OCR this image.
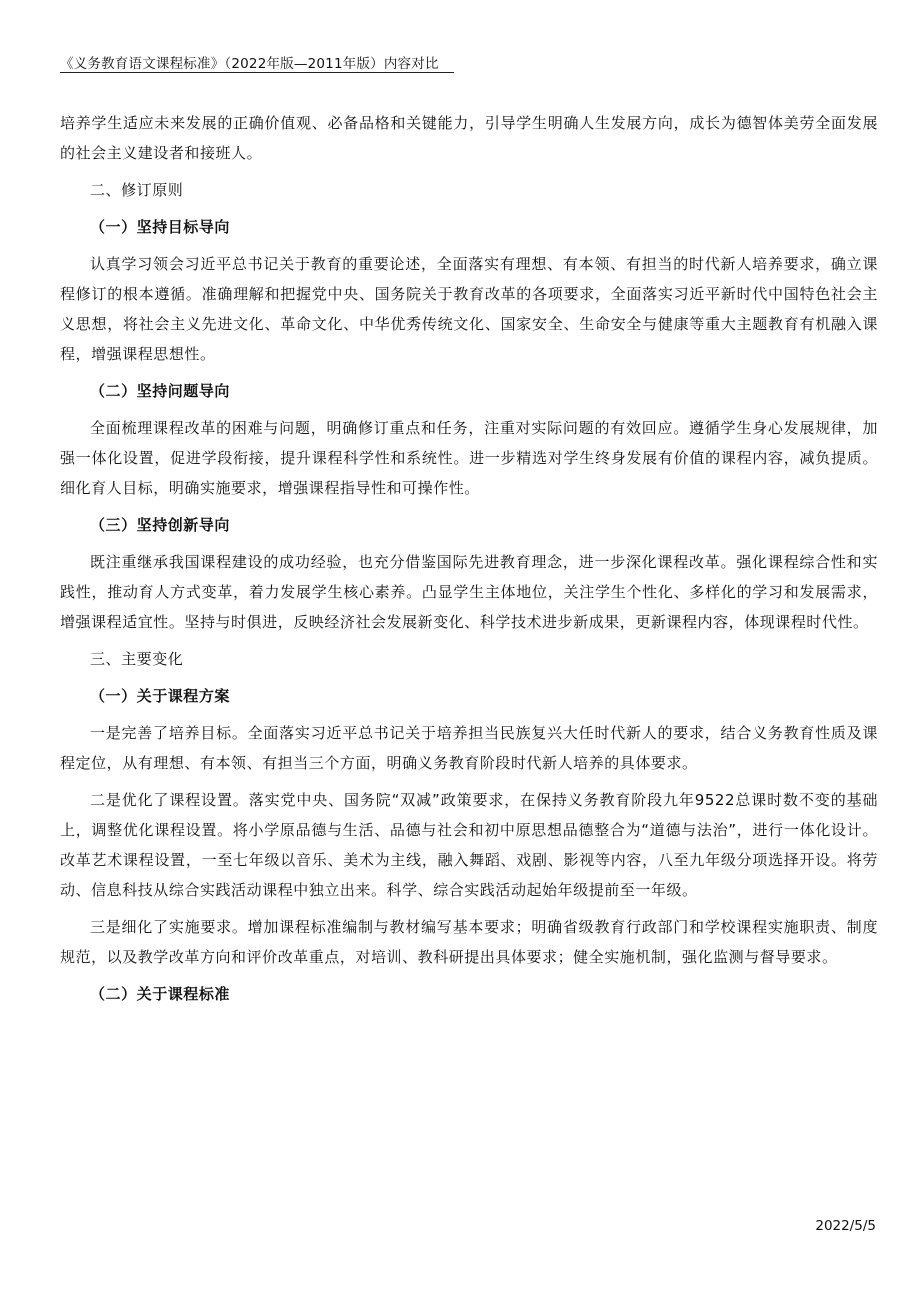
《义务教育语文课程标准》（2022年版—2011年版）内容对比

培养学生适应未来发展的正确价值观、必备品格和关键能力，引导学生明确人生发展方向，成长为德智体美劳全面发展的社会主义建设者和接班人。

二、修订原则

（一）坚持目标导向

认真学习领会习近平总书记关于教育的重要论述，全面落实有理想、有本领、有担当的时代新人培养要求，确立课程修订的根本遵循。准确理解和把握党中央、国务院关于教育改革的各项要求，全面落实习近平新时代中国特色社会主义思想，将社会主义先进文化、革命文化、中华优秀传统文化、国家安全、生命安全与健康等重大主题教育有机融入课程，增强课程思想性。

（二）坚持问题导向

全面梳理课程改革的困难与问题，明确修订重点和任务，注重对实际问题的有效回应。遵循学生身心发展规律，加强一体化设置，促进学段衔接，提升课程科学性和系统性。进一步精选对学生终身发展有价值的课程内容，减负提质。细化育人目标，明确实施要求，增强课程指导性和可操作性。

（三）坚持创新导向

既注重继承我国课程建设的成功经验，也充分借鉴国际先进教育理念，进一步深化课程改革。强化课程综合性和实践性，推动育人方式变革，着力发展学生核心素养。凸显学生主体地位，关注学生个性化、多样化的学习和发展需求，增强课程适宜性。坚持与时俱进，反映经济社会发展新变化、科学技术进步新成果，更新课程内容，体现课程时代性。

三、主要变化

（一）关于课程方案

一是完善了培养目标。全面落实习近平总书记关于培养担当民族复兴大任时代新人的要求，结合义务教育性质及课程定位，从有理想、有本领、有担当三个方面，明确义务教育阶段时代新人培养的具体要求。

二是优化了课程设置。落实党中央、国务院“双减”政策要求，在保持义务教育阶段九年9522总课时数不变的基础上，调整优化课程设置。将小学原品德与生活、品德与社会和初中原思想品德整合为“道德与法治”，进行一体化设计。改革艺术课程设置，一至七年级以音乐、美术为主线，融入舞蹈、戏剧、影视等内容，八至九年级分项选择开设。将劳动、信息科技从综合实践活动课程中独立出来。科学、综合实践活动起始年级提前至一年级。

三是细化了实施要求。增加课程标准编制与教材编写基本要求；明确省级教育行政部门和学校课程实施职责、制度规范，以及教学改革方向和评价改革重点，对培训、教科研提出具体要求；健全实施机制，强化监测与督导要求。

（二）关于课程标准

2022/5/5
